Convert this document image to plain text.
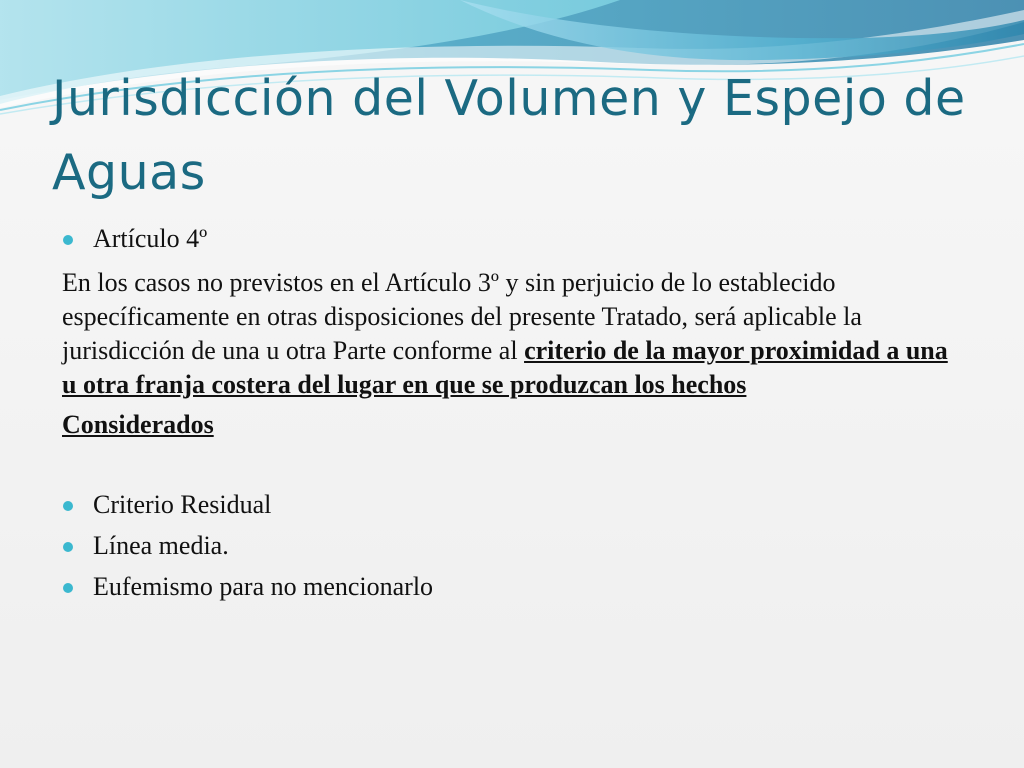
Jurisdicción del Volumen y Espejo de Aguas
Artículo 4º
En los casos no previstos en el Artículo 3º y sin perjuicio de lo establecido específicamente en otras disposiciones del presente Tratado, será aplicable la jurisdicción de una u otra Parte conforme al criterio de la mayor proximidad a una u otra franja costera del lugar en que se produzcan los hechos
Considerados
Criterio Residual
Línea media.
Eufemismo para no mencionarlo
